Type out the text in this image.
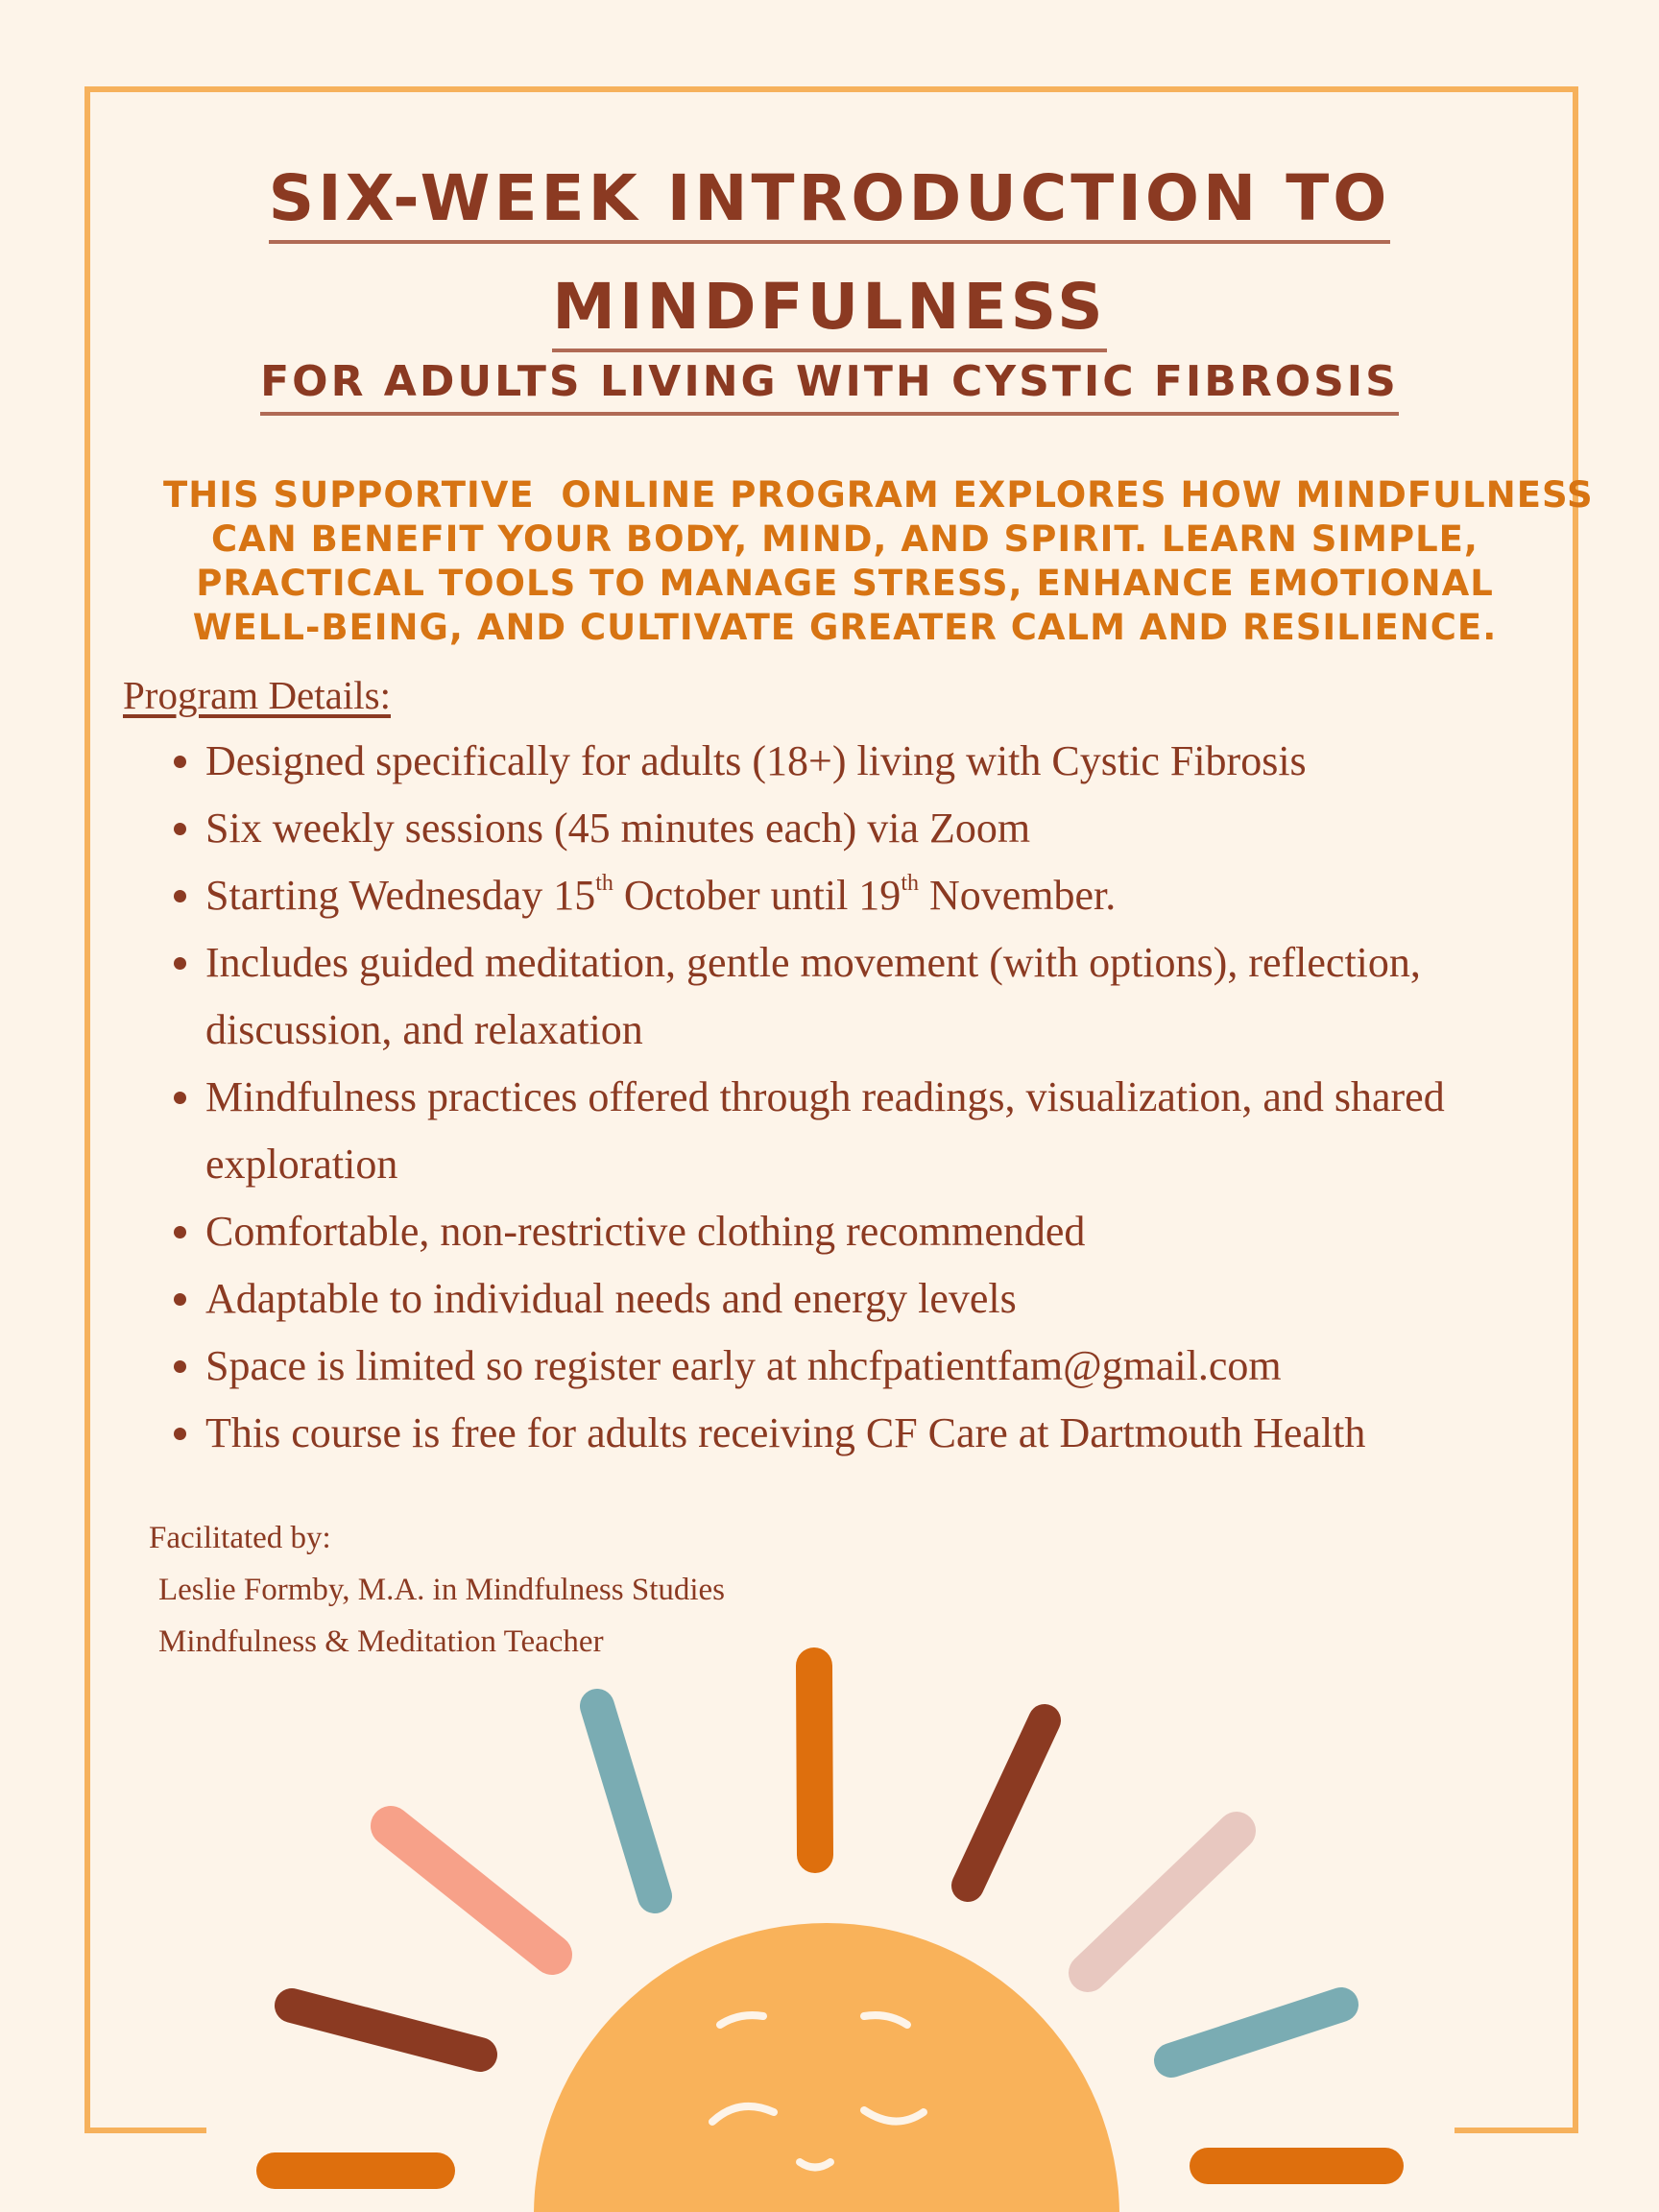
SIX-WEEK INTRODUCTION TO
MINDFULNESS
FOR ADULTS LIVING WITH CYSTIC FIBROSIS
THIS SUPPORTIVE  ONLINE PROGRAM EXPLORES HOW MINDFULNESS
CAN BENEFIT YOUR BODY, MIND, AND SPIRIT. LEARN SIMPLE,
PRACTICAL TOOLS TO MANAGE STRESS, ENHANCE EMOTIONAL
WELL-BEING, AND CULTIVATE GREATER CALM AND RESILIENCE.
Program Details:
• Designed specifically for adults (18+) living with Cystic Fibrosis
• Six weekly sessions (45 minutes each) via Zoom
• Starting Wednesday 15th October until 19th November.
• Includes guided meditation, gentle movement (with options), reflection, discussion, and relaxation
• Mindfulness practices offered through readings, visualization, and shared exploration
• Comfortable, non-restrictive clothing recommended
• Adaptable to individual needs and energy levels
• Space is limited so register early at nhcfpatientfam@gmail.com
• This course is free for adults receiving CF Care at Dartmouth Health
Facilitated by:
Leslie Formby, M.A. in Mindfulness Studies
Mindfulness & Meditation Teacher
